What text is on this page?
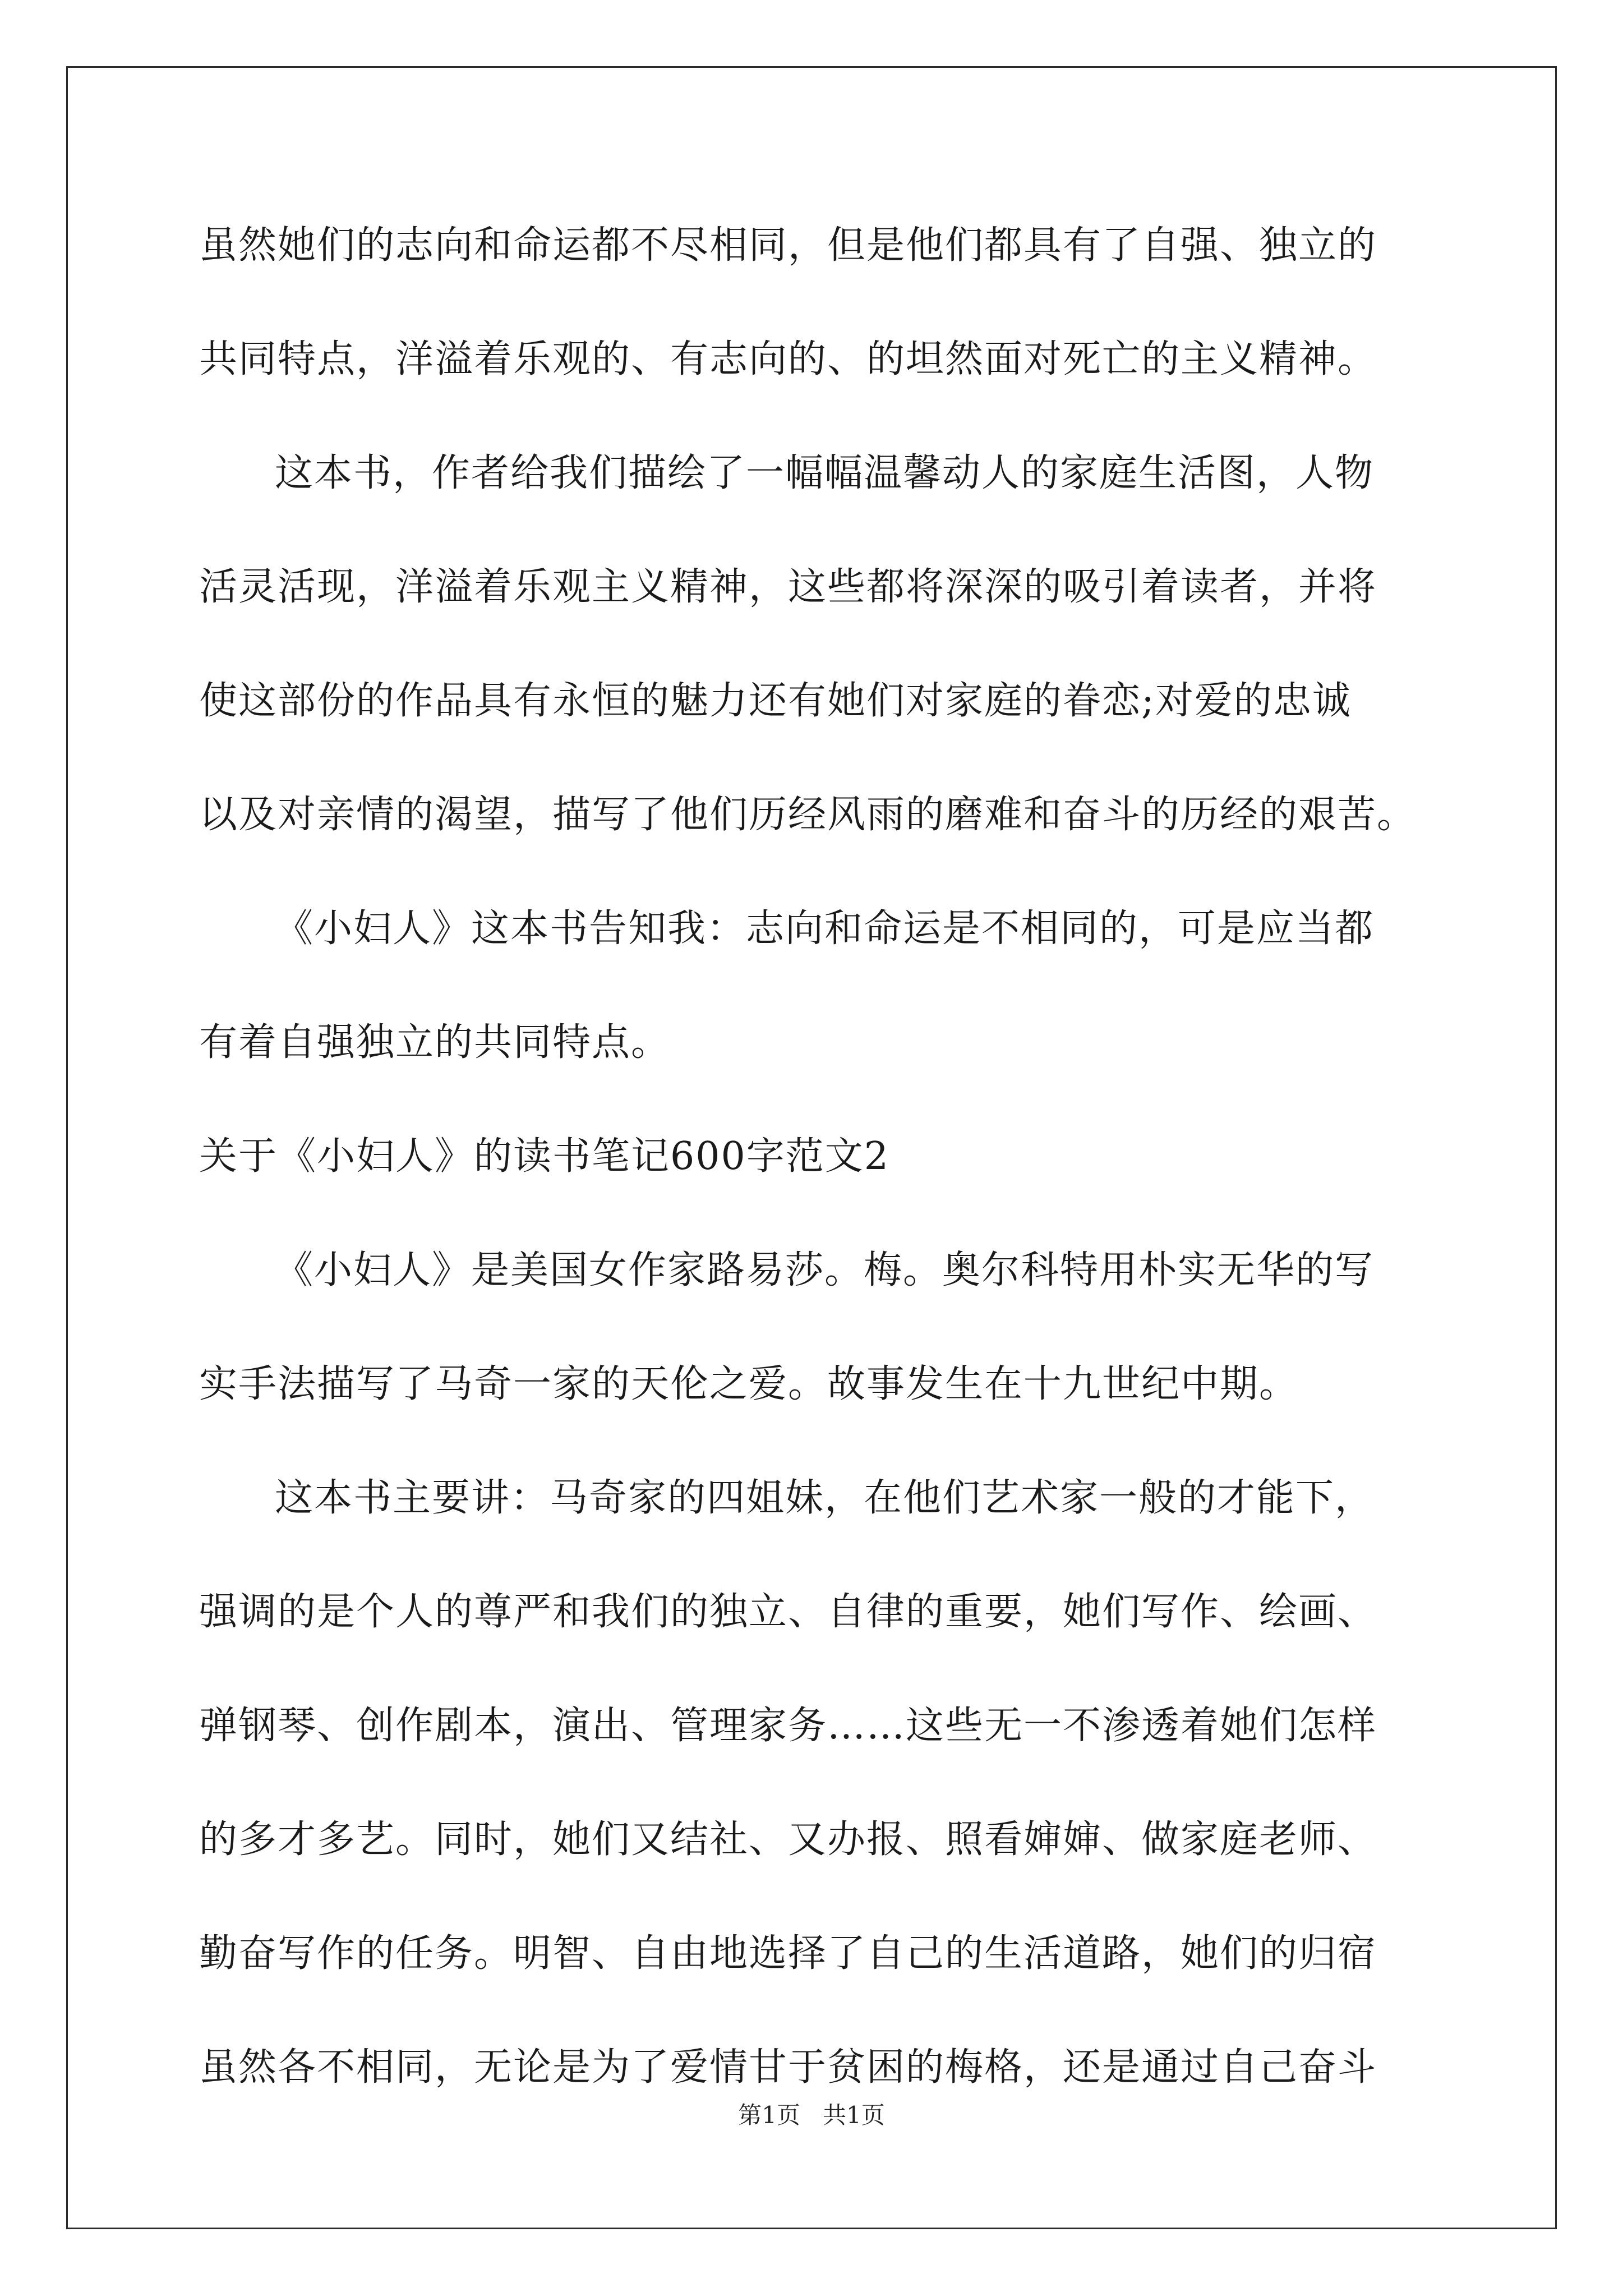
虽然她们的志向和命运都不尽相同，但是他们都具有了自强、独立的
共同特点，洋溢着乐观的、有志向的、的坦然面对死亡的主义精神。
这本书，作者给我们描绘了一幅幅温馨动人的家庭生活图，人物
活灵活现，洋溢着乐观主义精神，这些都将深深的吸引着读者，并将
使这部份的作品具有永恒的魅力还有她们对家庭的眷恋;对爱的忠诚
以及对亲情的渴望，描写了他们历经风雨的磨难和奋斗的历经的艰苦。
《小妇人》这本书告知我：志向和命运是不相同的，可是应当都
有着自强独立的共同特点。
关于《小妇人》的读书笔记600字范文2
《小妇人》是美国女作家路易莎。梅。奥尔科特用朴实无华的写
实手法描写了马奇一家的天伦之爱。故事发生在十九世纪中期。
这本书主要讲：马奇家的四姐妹，在他们艺术家一般的才能下，
强调的是个人的尊严和我们的独立、自律的重要，她们写作、绘画、
弹钢琴、创作剧本，演出、管理家务……这些无一不渗透着她们怎样
的多才多艺。同时，她们又结社、又办报、照看婶婶、做家庭老师、
勤奋写作的任务。明智、自由地选择了自己的生活道路，她们的归宿
虽然各不相同，无论是为了爱情甘于贫困的梅格，还是通过自己奋斗
第1页   共1页
